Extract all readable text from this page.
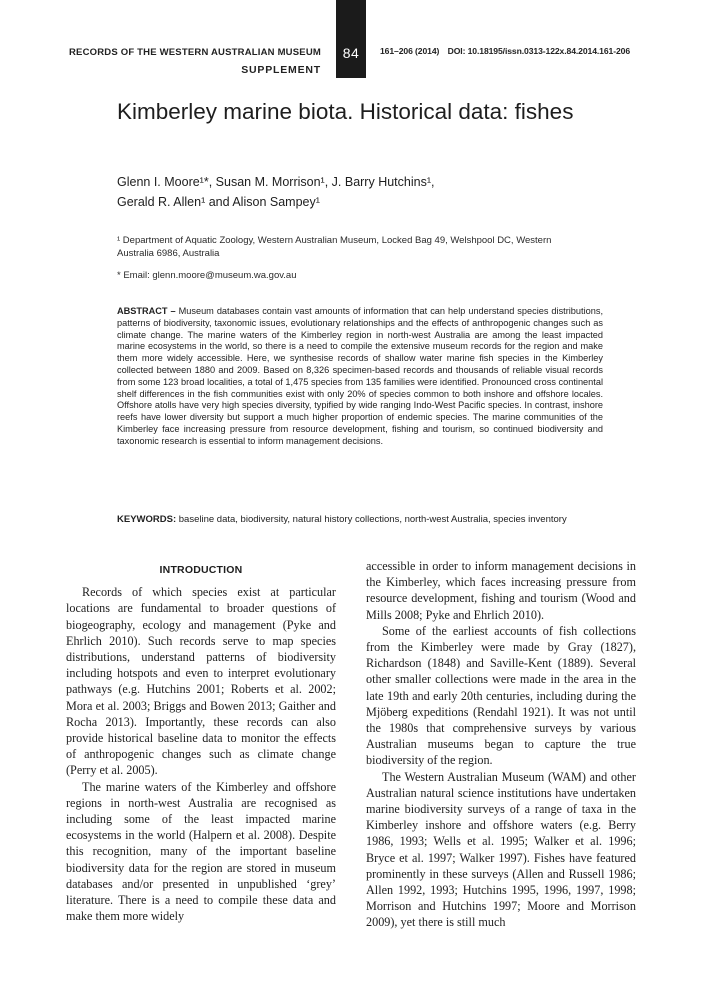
RECORDS OF THE WESTERN AUSTRALIAN MUSEUM
SUPPLEMENT
84	161–206 (2014) DOI: 10.18195/issn.0313-122x.84.2014.161-206
Kimberley marine biota. Historical data: fishes
Glenn I. Moore¹*, Susan M. Morrison¹, J. Barry Hutchins¹,
Gerald R. Allen¹ and Alison Sampey¹
¹ Department of Aquatic Zoology, Western Australian Museum, Locked Bag 49, Welshpool DC, Western Australia 6986, Australia
* Email: glenn.moore@museum.wa.gov.au
ABSTRACT – Museum databases contain vast amounts of information that can help understand species distributions, patterns of biodiversity, taxonomic issues, evolutionary relationships and the effects of anthropogenic changes such as climate change. The marine waters of the Kimberley region in north-west Australia are among the least impacted marine ecosystems in the world, so there is a need to compile the extensive museum records for the region and make them more widely accessible. Here, we synthesise records of shallow water marine fish species in the Kimberley collected between 1880 and 2009. Based on 8,326 specimen-based records and thousands of reliable visual records from some 123 broad localities, a total of 1,475 species from 135 families were identified. Pronounced cross continental shelf differences in the fish communities exist with only 20% of species common to both inshore and offshore locales. Offshore atolls have very high species diversity, typified by wide ranging Indo-West Pacific species. In contrast, inshore reefs have lower diversity but support a much higher proportion of endemic species. The marine communities of the Kimberley face increasing pressure from resource development, fishing and tourism, so continued biodiversity and taxonomic research is essential to inform management decisions.
KEYWORDS: baseline data, biodiversity, natural history collections, north-west Australia, species inventory
INTRODUCTION

Records of which species exist at particular locations are fundamental to broader questions of biogeography, ecology and management (Pyke and Ehrlich 2010). Such records serve to map species distributions, understand patterns of biodiversity including hotspots and even to interpret evolutionary pathways (e.g. Hutchins 2001; Roberts et al. 2002; Mora et al. 2003; Briggs and Bowen 2013; Gaither and Rocha 2013). Importantly, these records can also provide historical baseline data to monitor the effects of anthropogenic changes such as climate change (Perry et al. 2005).

The marine waters of the Kimberley and offshore regions in north-west Australia are recognised as including some of the least impacted marine ecosystems in the world (Halpern et al. 2008). Despite this recognition, many of the important baseline biodiversity data for the region are stored in museum databases and/or presented in unpublished ‘grey’ literature. There is a need to compile these data and make them more widely

accessible in order to inform management decisions in the Kimberley, which faces increasing pressure from resource development, fishing and tourism (Wood and Mills 2008; Pyke and Ehrlich 2010).

Some of the earliest accounts of fish collections from the Kimberley were made by Gray (1827), Richardson (1848) and Saville-Kent (1889). Several other smaller collections were made in the area in the late 19th and early 20th centuries, including during the Mjöberg expeditions (Rendahl 1921). It was not until the 1980s that comprehensive surveys by various Australian museums began to capture the true biodiversity of the region.

The Western Australian Museum (WAM) and other Australian natural science institutions have undertaken marine biodiversity surveys of a range of taxa in the Kimberley inshore and offshore waters (e.g. Berry 1986, 1993; Wells et al. 1995; Walker et al. 1996; Bryce et al. 1997; Walker 1997). Fishes have featured prominently in these surveys (Allen and Russell 1986; Allen 1992, 1993; Hutchins 1995, 1996, 1997, 1998; Morrison and Hutchins 1997; Moore and Morrison 2009), yet there is still much
